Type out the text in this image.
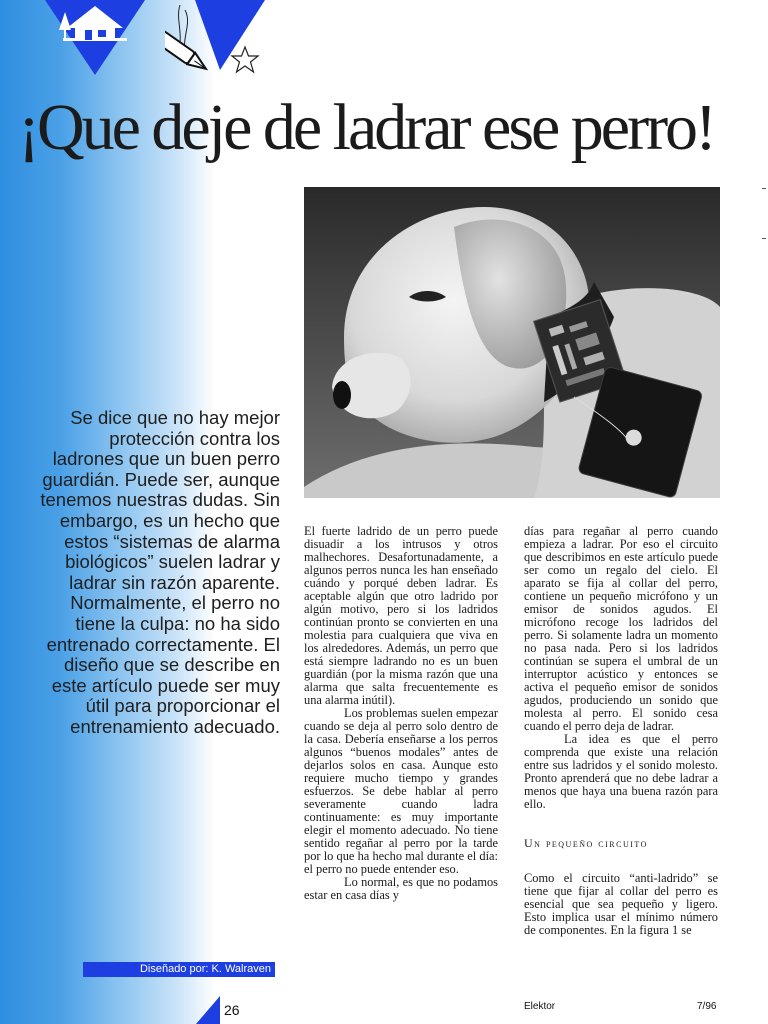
¡Que deje de ladrar ese perro!
Se dice que no hay mejor protección contra los ladrones que un buen perro guardián. Puede ser, aunque tenemos nuestras dudas. Sin embargo, es un hecho que estos “sistemas de alarma biológicos” suelen ladrar y ladrar sin razón aparente. Normalmente, el perro no tiene la culpa: no ha sido entrenado correctamente. El diseño que se describe en este artículo puede ser muy útil para proporcionar el entrenamiento adecuado.
Diseñado por: K. Walraven

El fuerte ladrido de un perro puede disuadir a los intrusos y otros malhechores. Desafortunadamente, a algunos perros nunca les han enseñado cuándo y porqué deben ladrar. Es aceptable algún que otro ladrido por algún motivo, pero si los ladridos continúan pronto se convierten en una molestia para cualquiera que viva en los alrededores. Además, un perro que está siempre ladrando no es un buen guardián (por la misma razón que una alarma que salta frecuentemente es una alarma inútil).

Los problemas suelen empezar cuando se deja al perro solo dentro de la casa. Debería enseñarse a los perros algunos “buenos modales” antes de dejarlos solos en casa. Aunque esto requiere mucho tiempo y grandes esfuerzos. Se debe hablar al perro severamente cuando ladra continuamente: es muy importante elegir el momento adecuado. No tiene sentido regañar al perro por la tarde por lo que ha hecho mal durante el día: el perro no puede entender eso.

Lo normal, es que no podamos estar en casa días y

días para regañar al perro cuando empieza a ladrar. Por eso el circuito que describimos en este artículo puede ser como un regalo del cielo. El aparato se fija al collar del perro, contiene un pequeño micrófono y un emisor de sonidos agudos. El micrófono recoge los ladridos del perro. Si solamente ladra un momento no pasa nada. Pero si los ladridos continúan se supera el umbral de un interruptor acústico y entonces se activa el pequeño emisor de sonidos agudos, produciendo un sonido que molesta al perro. El sonido cesa cuando el perro deja de ladrar.

La idea es que el perro comprenda que existe una relación entre sus ladridos y el sonido molesto. Pronto aprenderá que no debe ladrar a menos que haya una buena razón para ello.

Un pequeño circuito

Como el circuito “anti-ladrido” se tiene que fijar al collar del perro es esencial que sea pequeño y ligero. Esto implica usar el mínimo número de componentes. En la figura 1 se

26	Elektor	7/96
